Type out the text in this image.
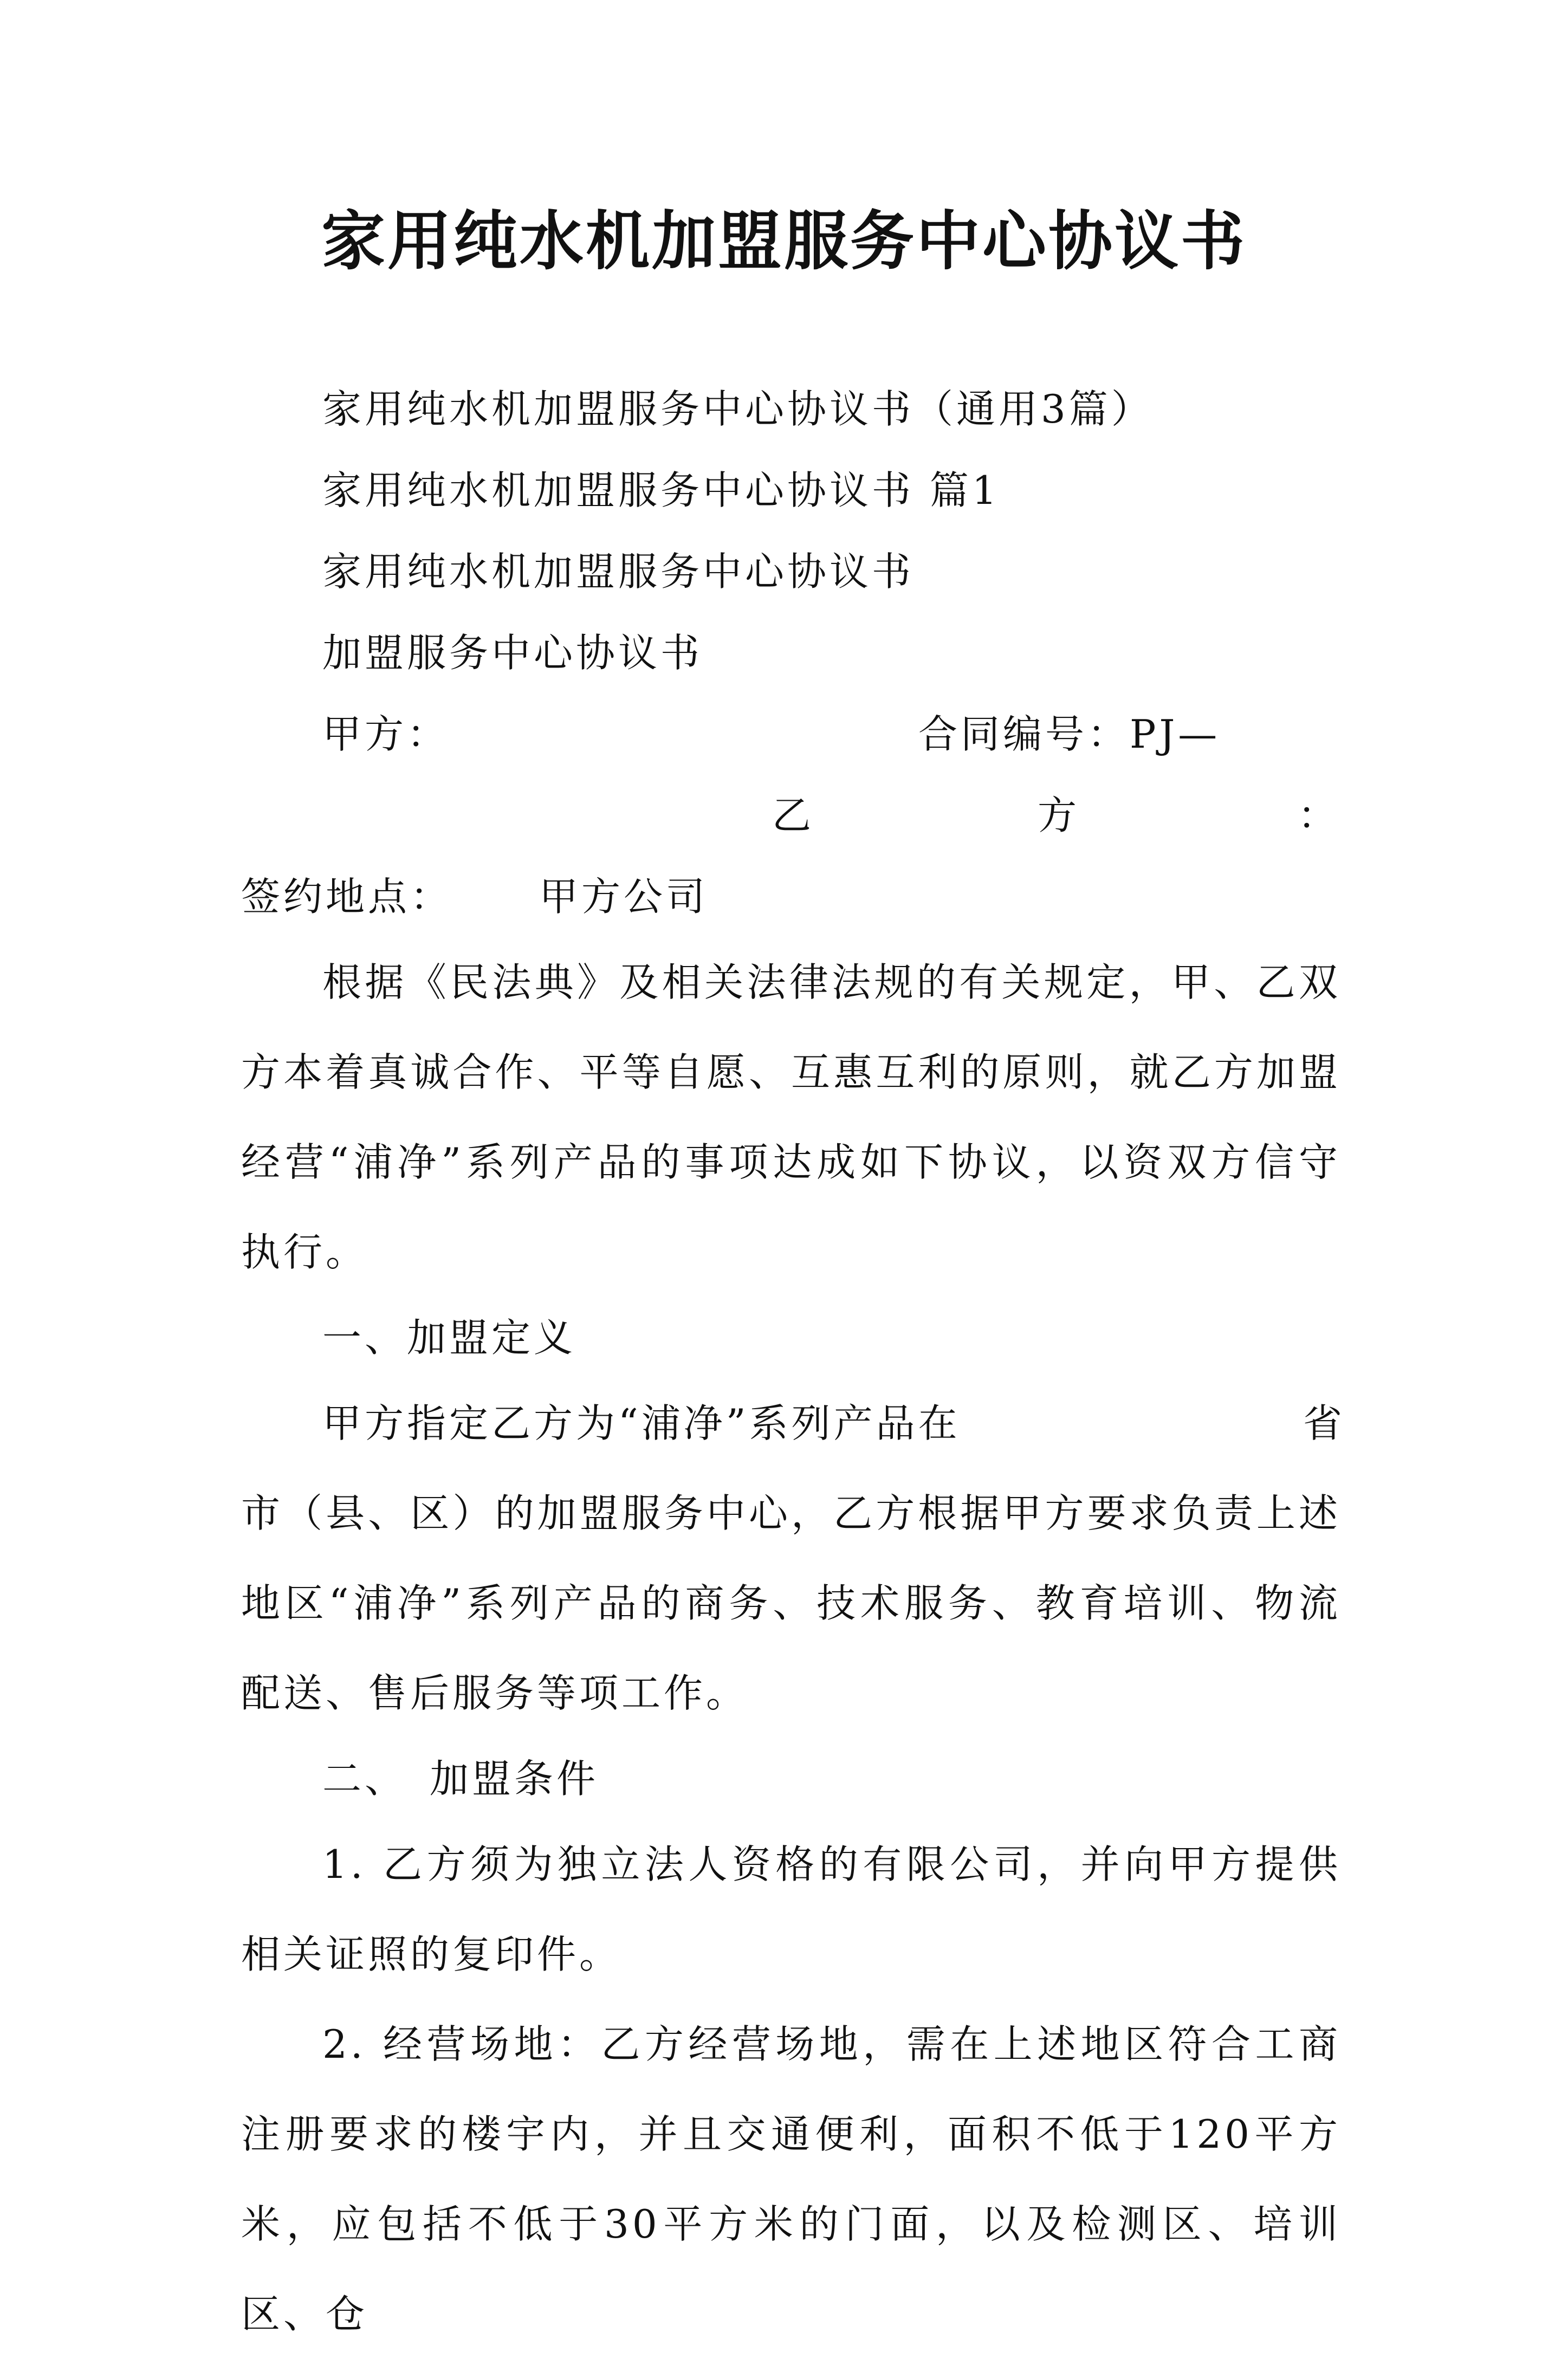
家用纯水机加盟服务中心协议书
家用纯水机加盟服务中心协议书（通用3篇）
家用纯水机加盟服务中心协议书 篇1
家用纯水机加盟服务中心协议书
加盟服务中心协议书
甲方：	合同编号：PJ—
乙	方	：
签约地点： 甲方公司

根据《民法典》及相关法律法规的有关规定，甲、乙双方本着真诚合作、平等自愿、互惠互利的原则，就乙方加盟经营“浦净”系列产品的事项达成如下协议，以资双方信守执行。

一、加盟定义
甲方指定乙方为“浦净”系列产品在	省

市（县、区）的加盟服务中心，乙方根据甲方要求负责上述地区“浦净”系列产品的商务、技术服务、教育培训、物流配送、售后服务等项工作。

二、　加盟条件

1. 乙方须为独立法人资格的有限公司，并向甲方提供相关证照的复印件。

2. 经营场地：乙方经营场地，需在上述地区符合工商注册要求的楼宇内，并且交通便利，面积不低于120平方米，应包括不低于30平方米的门面，以及检测区、培训区、仓
